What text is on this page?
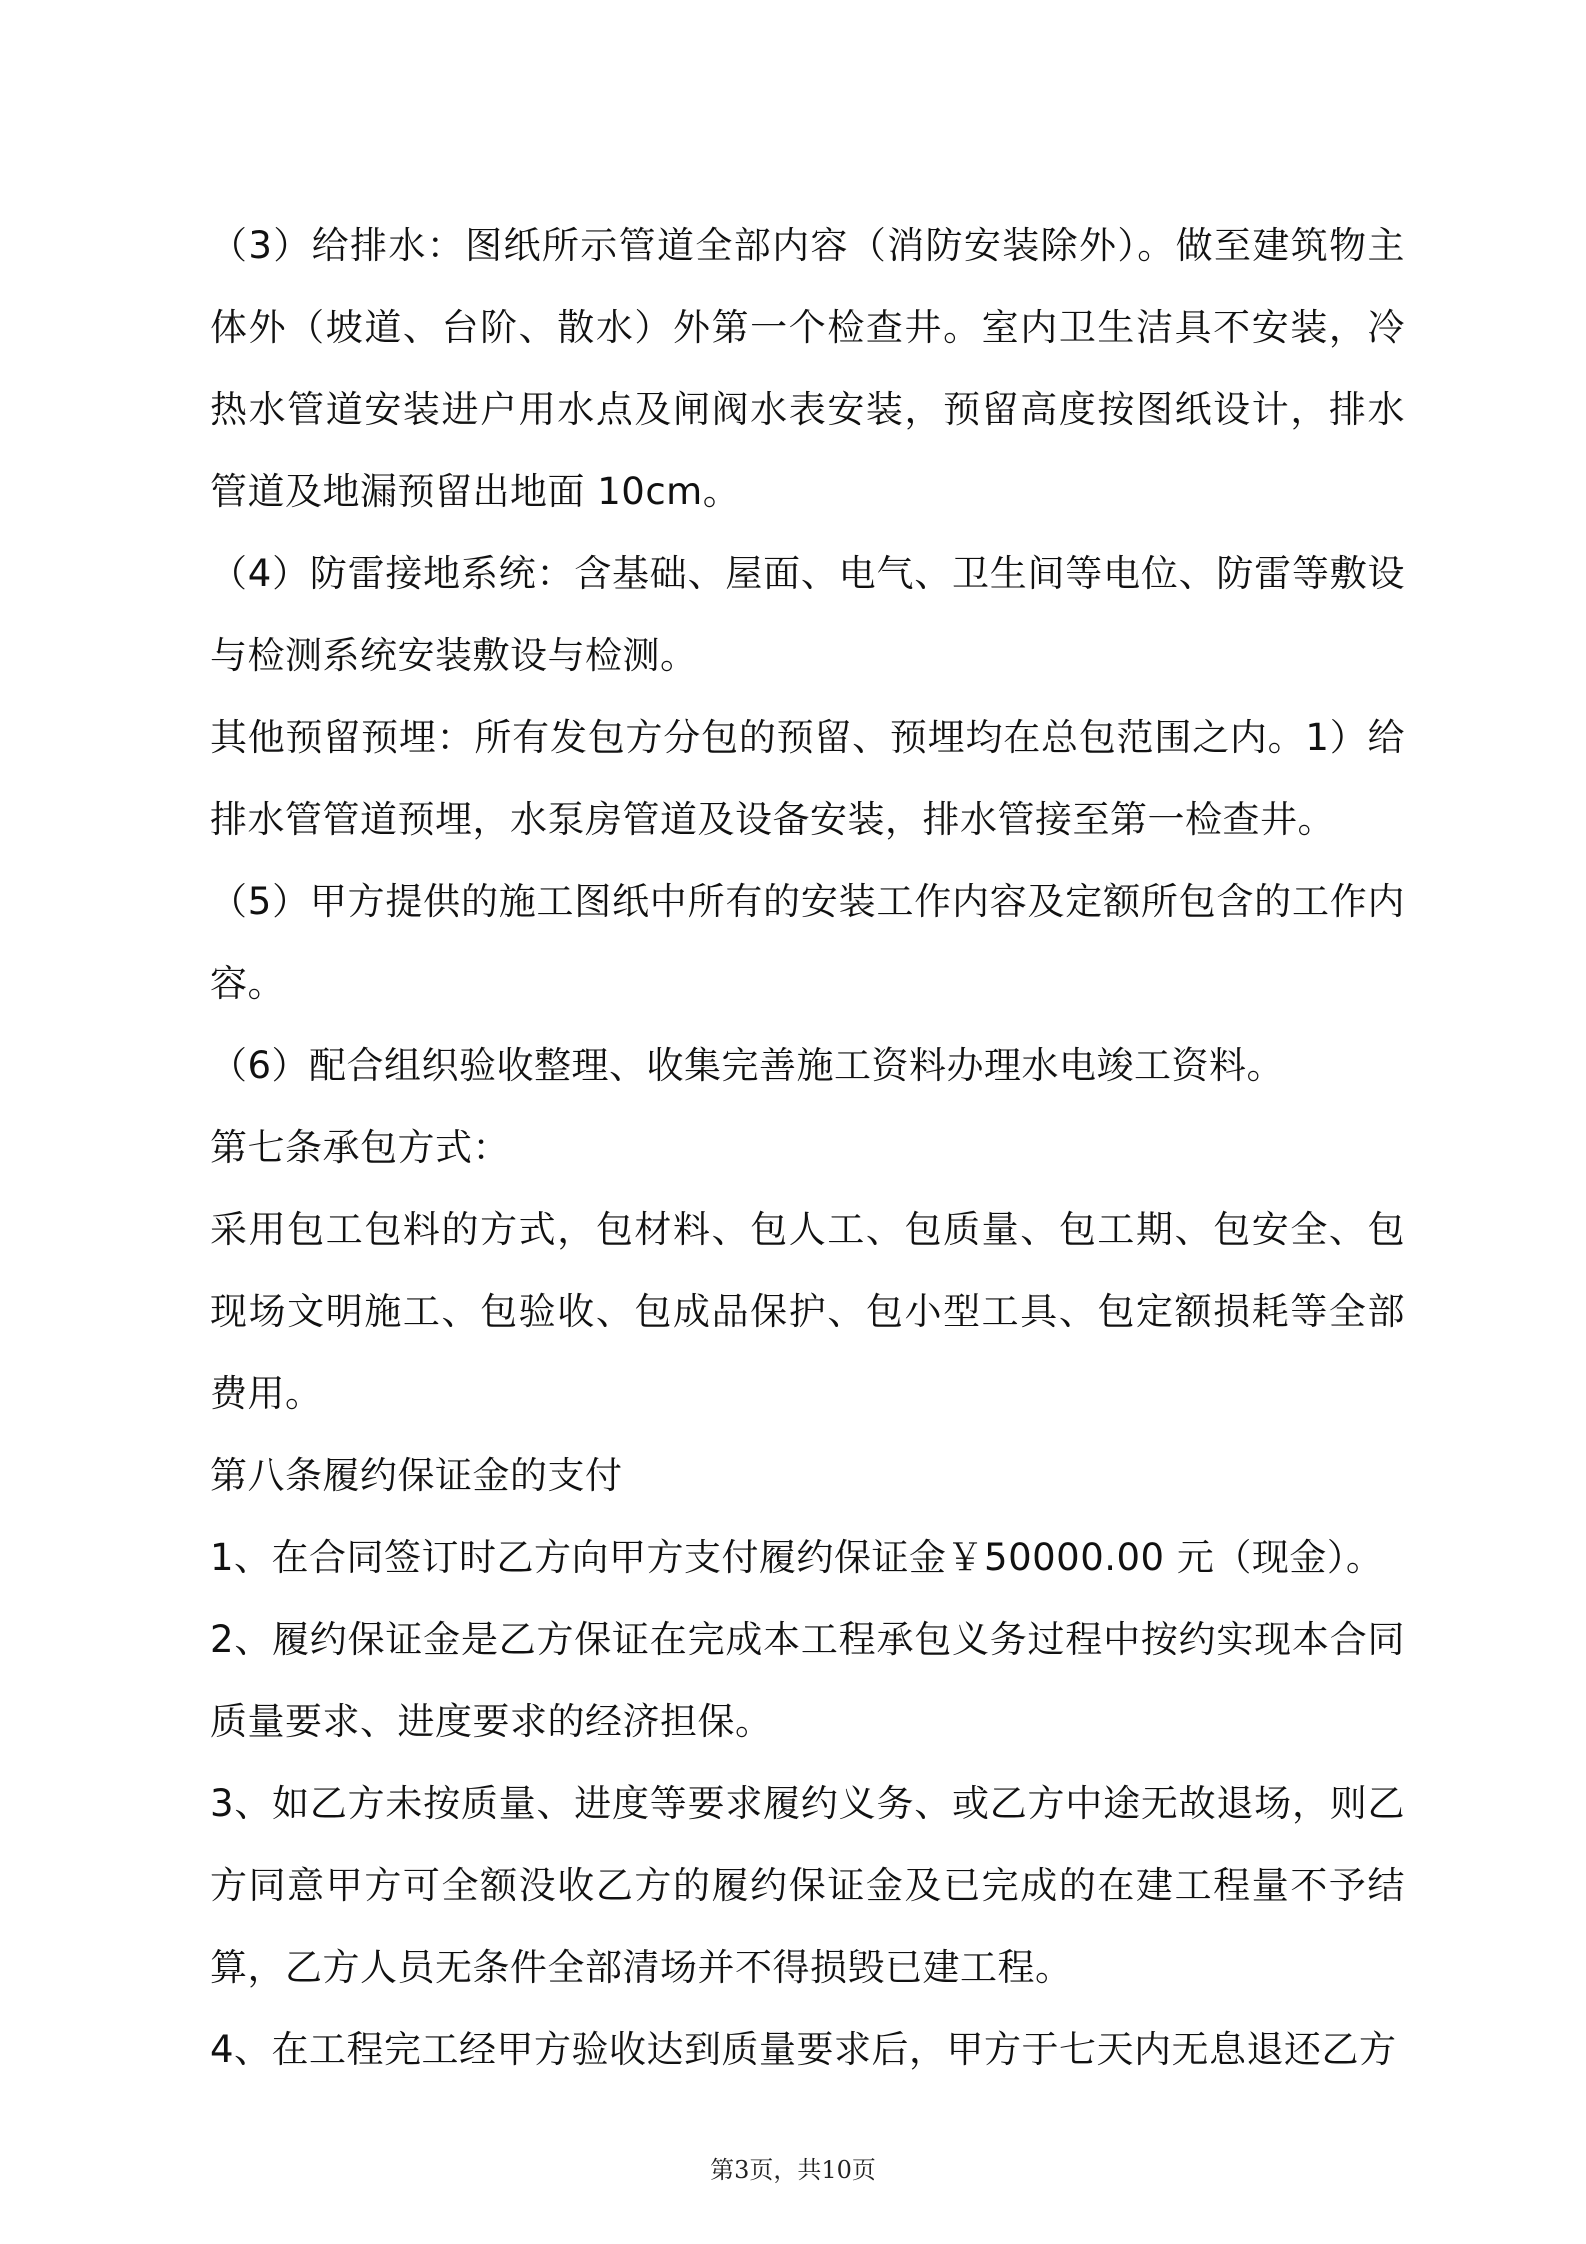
（3）给排水：图纸所示管道全部内容（消防安装除外）。做至建筑物主体外（坡道、台阶、散水）外第一个检查井。室内卫生洁具不安装，冷热水管道安装进户用水点及闸阀水表安装，预留高度按图纸设计，排水管道及地漏预留出地面 10cm。

（4）防雷接地系统：含基础、屋面、电气、卫生间等电位、防雷等敷设与检测系统安装敷设与检测。

其他预留预埋：所有发包方分包的预留、预埋均在总包范围之内。1）给排水管管道预埋，水泵房管道及设备安装，排水管接至第一检查井。

（5）甲方提供的施工图纸中所有的安装工作内容及定额所包含的工作内容。

（6）配合组织验收整理、收集完善施工资料办理水电竣工资料。

第七条承包方式：

采用包工包料的方式，包材料、包人工、包质量、包工期、包安全、包现场文明施工、包验收、包成品保护、包小型工具、包定额损耗等全部费用。

第八条履约保证金的支付

1、在合同签订时乙方向甲方支付履约保证金￥50000.00 元（现金）。

2、履约保证金是乙方保证在完成本工程承包义务过程中按约实现本合同质量要求、进度要求的经济担保。

3、如乙方未按质量、进度等要求履约义务、或乙方中途无故退场，则乙方同意甲方可全额没收乙方的履约保证金及已完成的在建工程量不予结算，乙方人员无条件全部清场并不得损毁已建工程。

4、在工程完工经甲方验收达到质量要求后，甲方于七天内无息退还乙方

第3页，共10页
